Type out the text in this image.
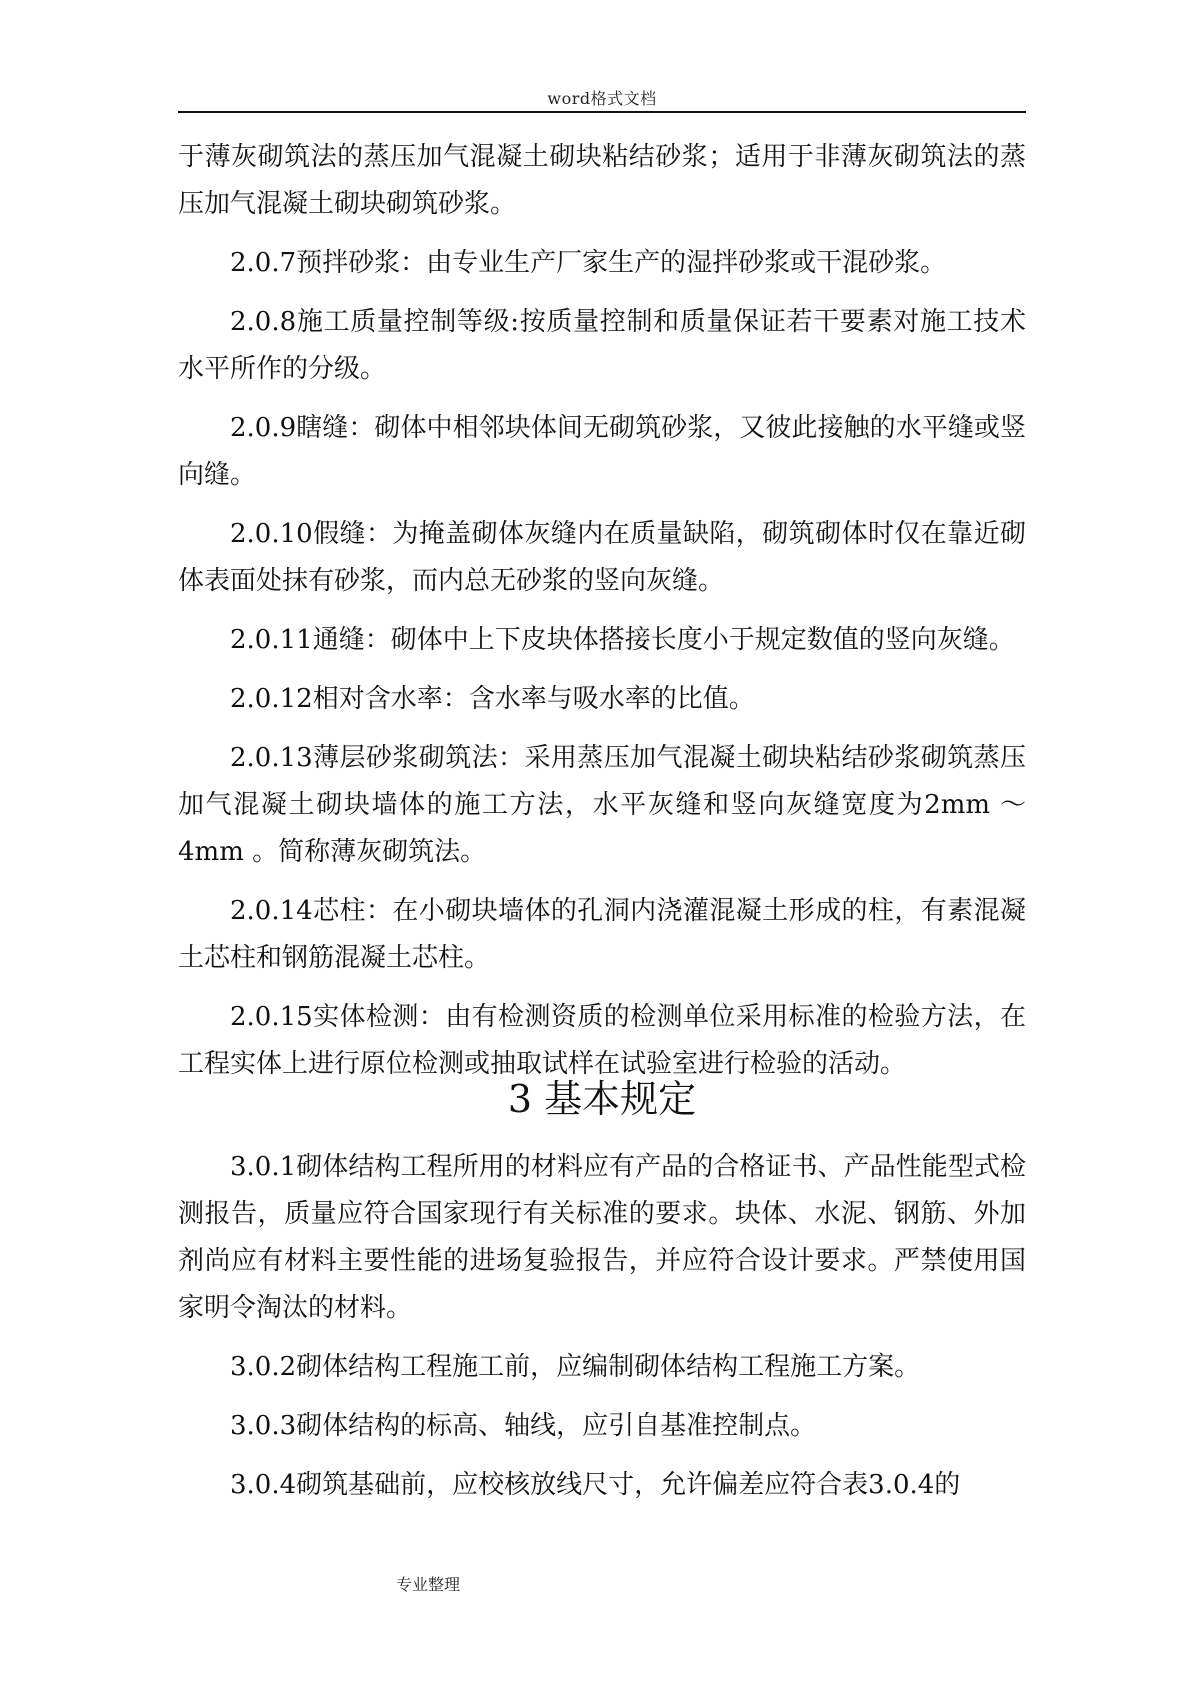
word格式文档

于薄灰砌筑法的蒸压加气混凝土砌块粘结砂浆；适用于非薄灰砌筑法的蒸压加气混凝土砌块砌筑砂浆。

2.0.7预拌砂浆：由专业生产厂家生产的湿拌砂浆或干混砂浆。

2.0.8施工质量控制等级:按质量控制和质量保证若干要素对施工技术水平所作的分级。

2.0.9瞎缝：砌体中相邻块体间无砌筑砂浆，又彼此接触的水平缝或竖向缝。

2.0.10假缝：为掩盖砌体灰缝内在质量缺陷，砌筑砌体时仅在靠近砌体表面处抹有砂浆，而内总无砂浆的竖向灰缝。

2.0.11通缝：砌体中上下皮块体搭接长度小于规定数值的竖向灰缝。

2.0.12相对含水率：含水率与吸水率的比值。

2.0.13薄层砂浆砌筑法：采用蒸压加气混凝土砌块粘结砂浆砌筑蒸压加气混凝土砌块墙体的施工方法，水平灰缝和竖向灰缝宽度为2mm ～4mm 。简称薄灰砌筑法。

2.0.14芯柱：在小砌块墙体的孔洞内浇灌混凝土形成的柱，有素混凝土芯柱和钢筋混凝土芯柱。

2.0.15实体检测：由有检测资质的检测单位采用标准的检验方法，在工程实体上进行原位检测或抽取试样在试验室进行检验的活动。

3 基本规定

3.0.1砌体结构工程所用的材料应有产品的合格证书、产品性能型式检测报告，质量应符合国家现行有关标准的要求。块体、水泥、钢筋、外加剂尚应有材料主要性能的进场复验报告，并应符合设计要求。严禁使用国家明令淘汰的材料。

3.0.2砌体结构工程施工前，应编制砌体结构工程施工方案。

3.0.3砌体结构的标高、轴线，应引自基准控制点。

3.0.4砌筑基础前，应校核放线尺寸，允许偏差应符合表3.0.4的

专业整理
